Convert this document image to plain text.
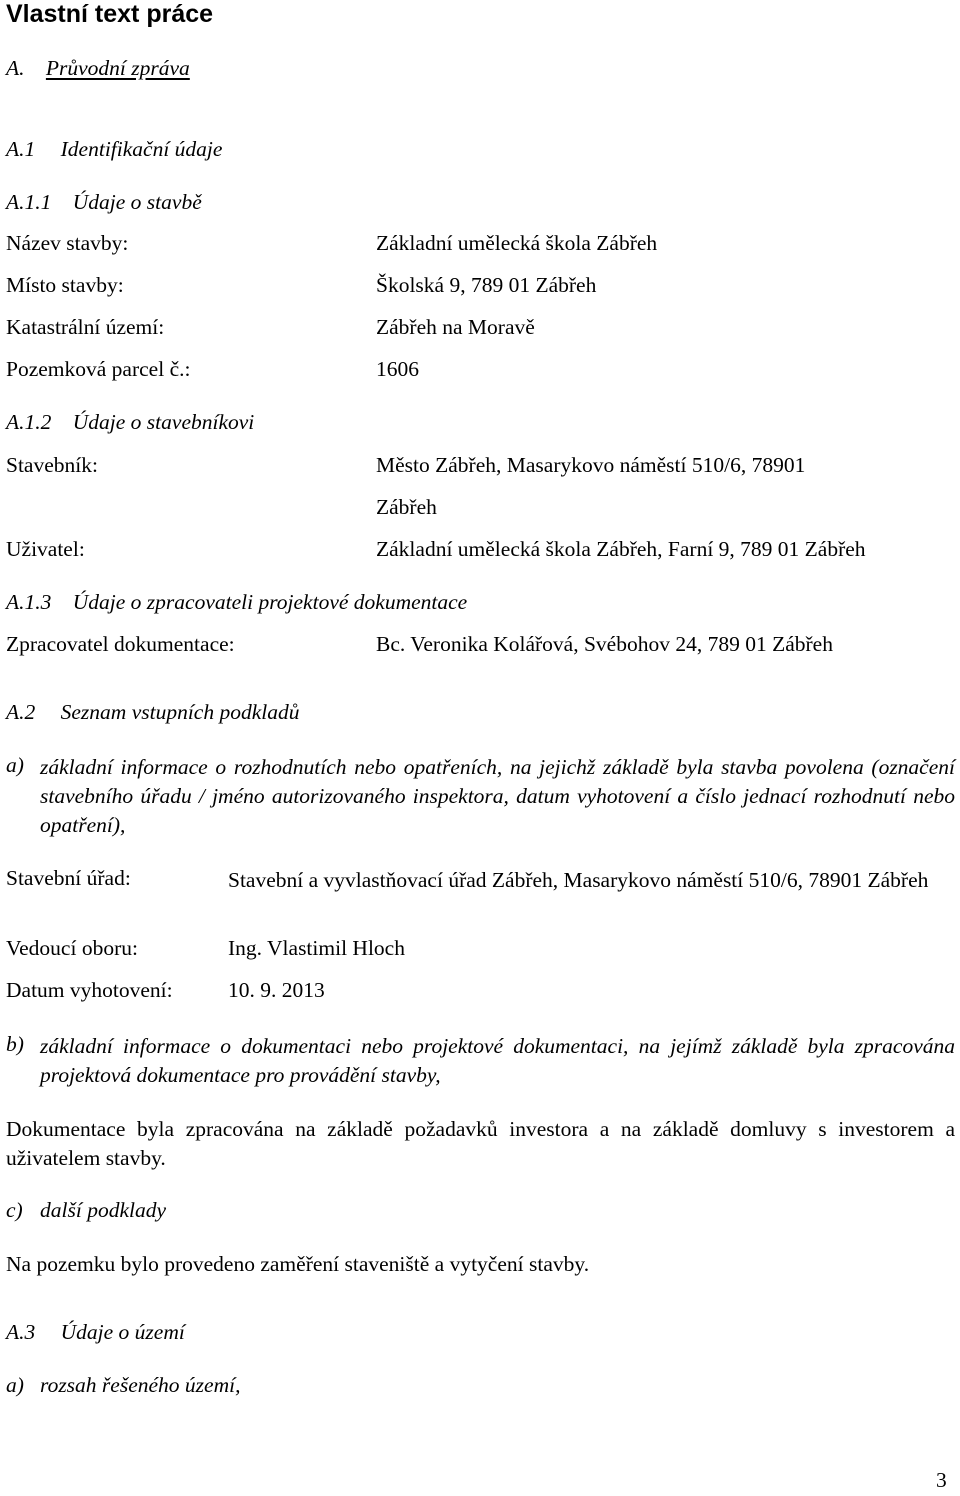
Vlastní text práce
A. Průvodní zpráva
A.1 Identifikační údaje
A.1.1 Údaje o stavbě
Název stavby:	Základní umělecká škola Zábřeh
Místo stavby:	Školská 9, 789 01 Zábřeh
Katastrální území:	Zábřeh na Moravě
Pozemková parcel č.:	1606
A.1.2 Údaje o stavebníkovi
Stavebník:	Město Zábřeh, Masarykovo náměstí 510/6, 78901
Zábřeh
Uživatel:	Základní umělecká škola Zábřeh, Farní 9, 789 01 Zábřeh
A.1.3 Údaje o zpracovateli projektové dokumentace
Zpracovatel dokumentace:	Bc. Veronika Kolářová, Svébohov 24, 789 01 Zábřeh
A.2 Seznam vstupních podkladů
a) základní informace o rozhodnutích nebo opatřeních, na jejichž základě byla stavba povolena (označení stavebního úřadu / jméno autorizovaného inspektora, datum vyhotovení a číslo jednací rozhodnutí nebo opatření),
Stavební úřad:	Stavební a vyvlastňovací úřad Zábřeh, Masarykovo náměstí 510/6, 78901 Zábřeh
Vedoucí oboru:	Ing. Vlastimil Hloch
Datum vyhotovení:	10. 9. 2013
b) základní informace o dokumentaci nebo projektové dokumentaci, na jejímž základě byla zpracována projektová dokumentace pro provádění stavby,
Dokumentace byla zpracována na základě požadavků investora a na základě domluvy s investorem a uživatelem stavby.
c) další podklady
Na pozemku bylo provedeno zaměření staveniště a vytyčení stavby.
A.3 Údaje o území
a) rozsah řešeného území,
3
